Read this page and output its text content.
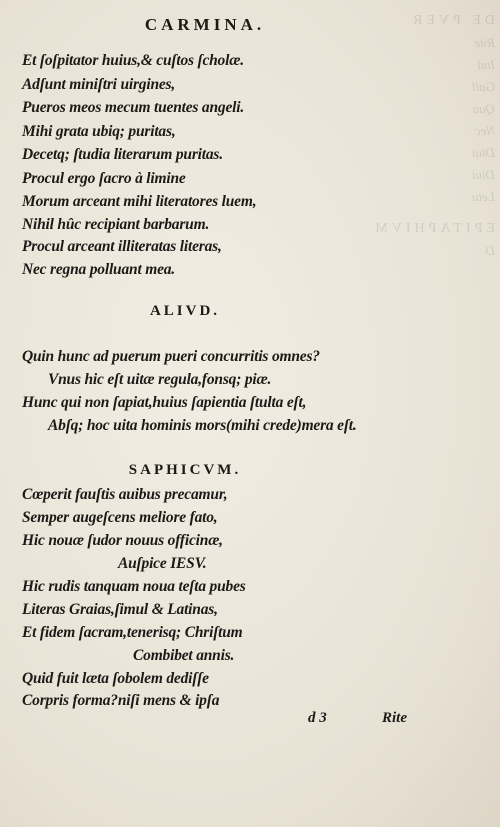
DE PVER
Rite
Ind
Gall
Qua
Nec
Diui
Diui
Letu
EPITAPHIVM
D
CARMINA.
Et ſoſpitator huius,& cuſtos ſcholæ.
Adſunt miniſtri uirgines,
Pueros meos mecum tuentes angeli.
Mihi grata ubiq; puritas,
Decetq; ſtudia literarum puritas.
Procul ergo ſacro à limine
Morum arceant mihi literatores luem,
Nihil hûc recipiant barbarum.
Procul arceant illiteratas literas,
Nec regna polluant mea.
ALIVD.
Quin hunc ad puerum pueri concurritis omnes?
Vnus hic eſt uitæ regula,fonsq; piæ.
Hunc qui non ſapiat,huius ſapientia ſtulta eſt,
Abſq; hoc uita hominis mors(mihi crede)mera eſt.
SAPHICVM.
Cœperit fauſtis auibus precamur,
Semper augeſcens meliore fato,
Hic nouæ ſudor nouus officinæ,
Auſpice IESV.
Hic rudis tanquam noua teſta pubes
Literas Graias,ſimul & Latinas,
Et fidem ſacram,tenerisq; Chriſtum
Combibet annis.
Quid fuit læta ſobolem dediſſe
Corpris forma?niſi mens & ipſa
d 3	Rite
